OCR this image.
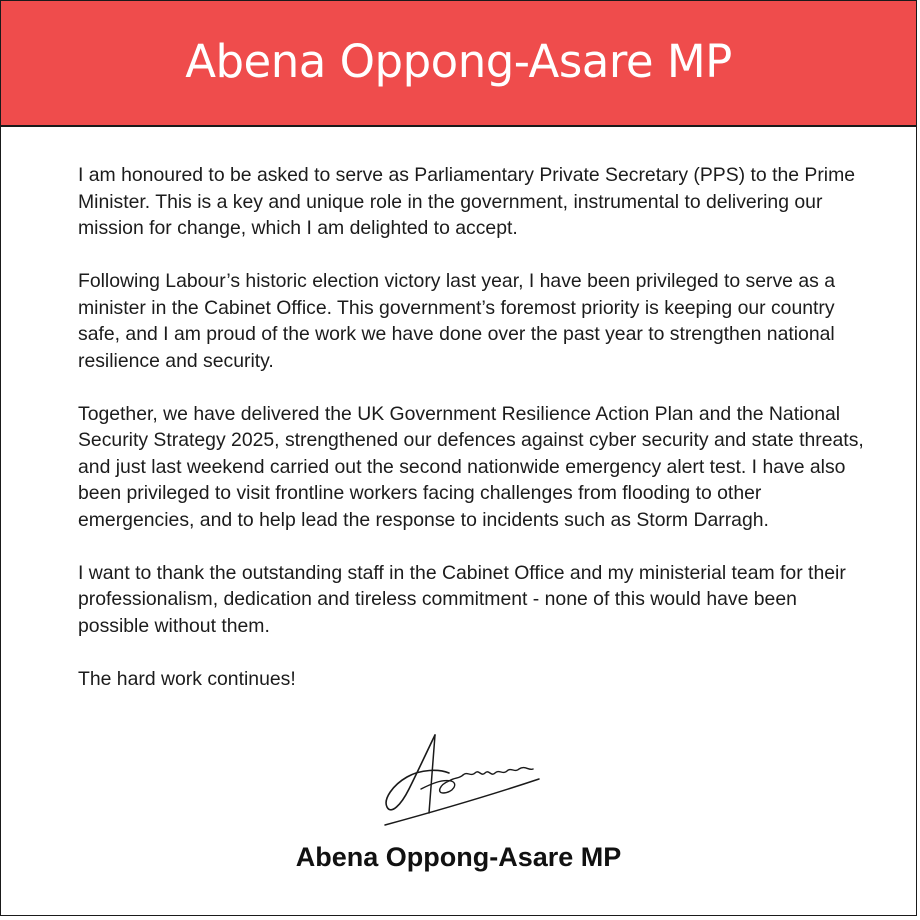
Abena Oppong-Asare MP

I am honoured to be asked to serve as Parliamentary Private Secretary (PPS) to the Prime Minister. This is a key and unique role in the government, instrumental to delivering our mission for change, which I am delighted to accept.

Following Labour’s historic election victory last year, I have been privileged to serve as a minister in the Cabinet Office. This government’s foremost priority is keeping our country safe, and I am proud of the work we have done over the past year to strengthen national resilience and security.

Together, we have delivered the UK Government Resilience Action Plan and the National Security Strategy 2025, strengthened our defences against cyber security and state threats, and just last weekend carried out the second nationwide emergency alert test. I have also been privileged to visit frontline workers facing challenges from flooding to other emergencies, and to help lead the response to incidents such as Storm Darragh.

I want to thank the outstanding staff in the Cabinet Office and my ministerial team for their professionalism, dedication and tireless commitment - none of this would have been possible without them.

The hard work continues!

Abena Oppong-Asare MP
